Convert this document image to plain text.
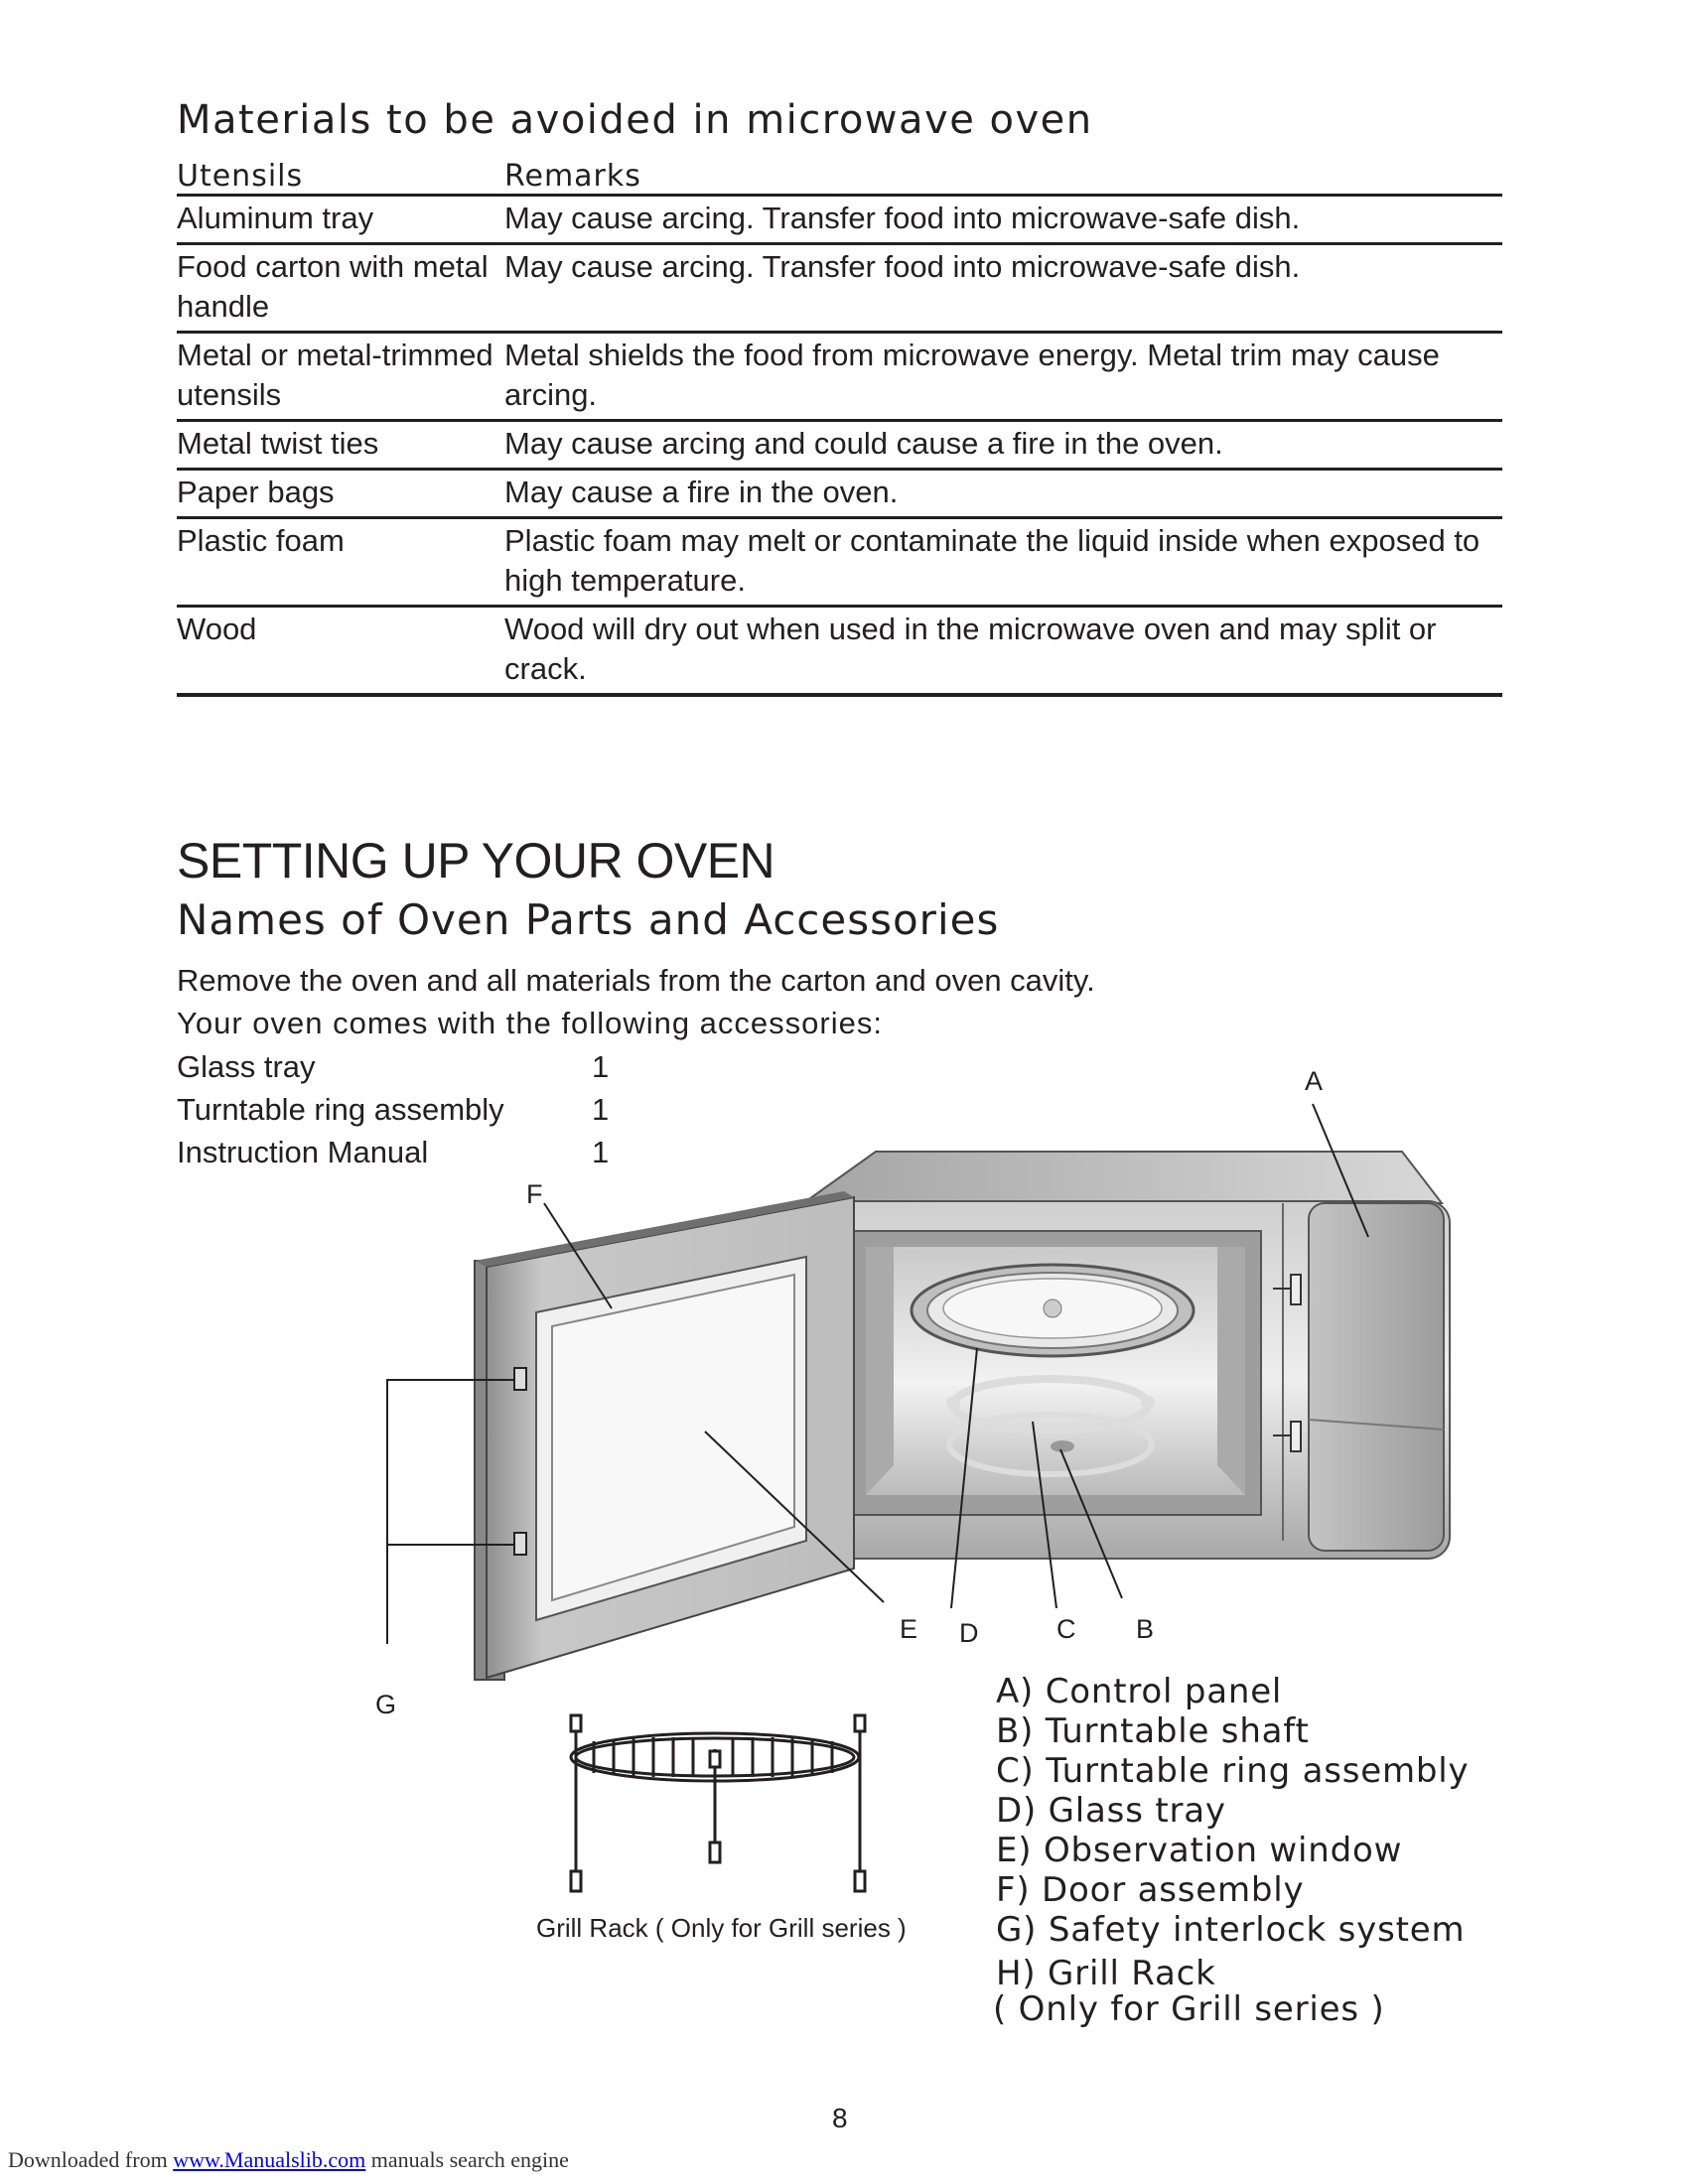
Materials to be avoided in microwave oven
Utensils	Remarks
Aluminum tray	May cause arcing. Transfer food into microwave-safe dish.
Food carton with metal handle	May cause arcing. Transfer food into microwave-safe dish.
Metal or metal-trimmed utensils	Metal shields the food from microwave energy. Metal trim may cause arcing.
Metal twist ties	May cause arcing and could cause a fire in the oven.
Paper bags	May cause a fire in the oven.
Plastic foam	Plastic foam may melt or contaminate the liquid inside when exposed to high temperature.
Wood	Wood will dry out when used in the microwave oven and may split or crack.
SETTING UP YOUR OVEN
Names of Oven Parts and Accessories
Remove the oven and all materials from the carton and oven cavity.
Your oven comes with the following accessories:
Glass tray	1
Turntable ring assembly	1
Instruction Manual	1
A
F
E D	C B
G
Grill Rack ( Only for Grill series )
A) Control panel
B) Turntable shaft
C) Turntable ring assembly
D) Glass tray
E) Observation window
F) Door assembly
G) Safety interlock system
H) Grill Rack
( Only for Grill series )
8
Downloaded from www.Manualslib.com manuals search engine
